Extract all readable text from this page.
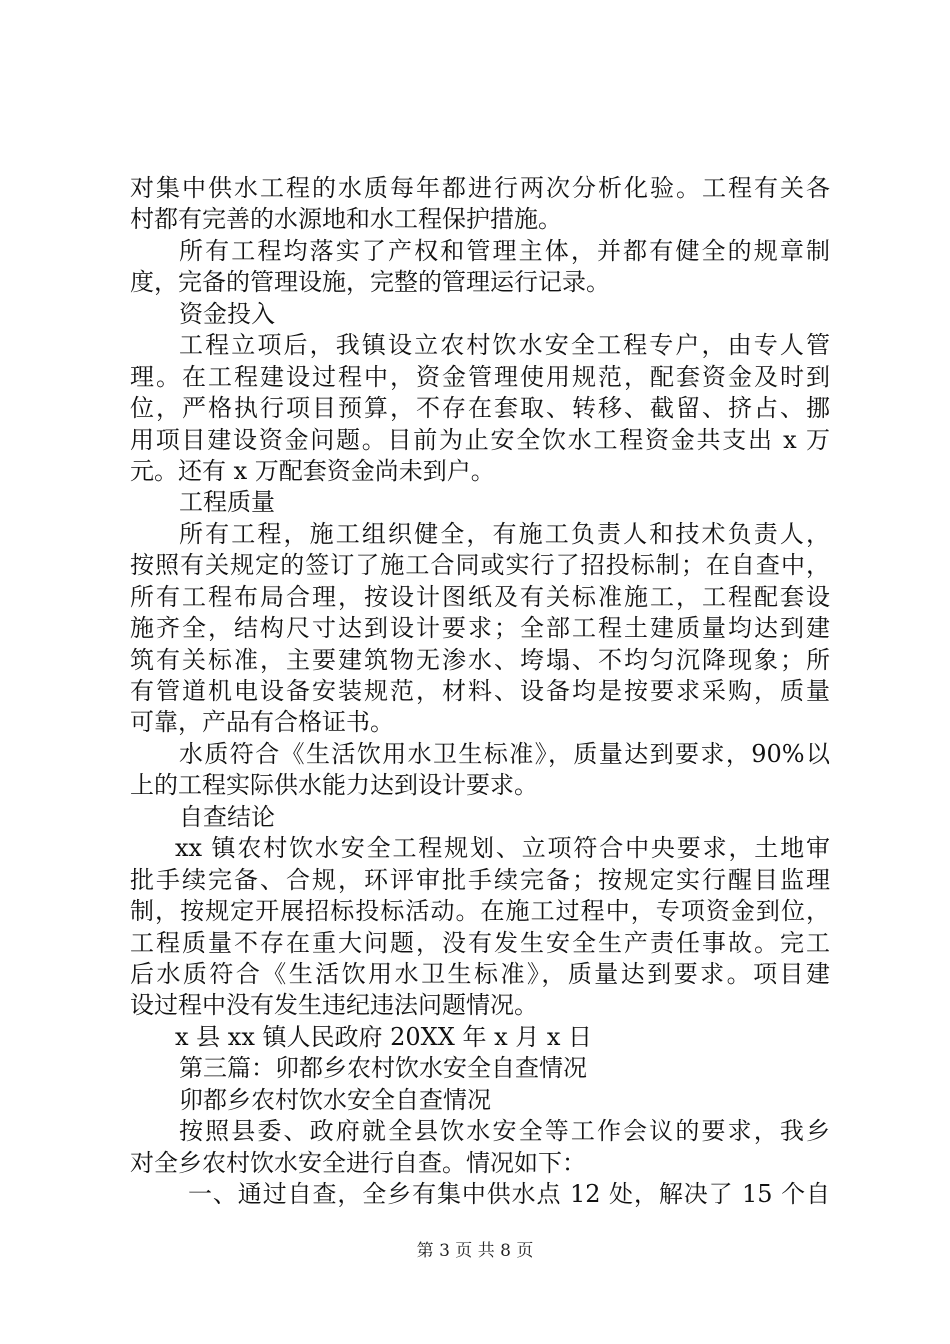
对集中供水工程的水质每年都进行两次分析化验。工程有关各
村都有完善的水源地和水工程保护措施。
所有工程均落实了产权和管理主体，并都有健全的规章制
度，完备的管理设施，完整的管理运行记录。
资金投入
工程立项后，我镇设立农村饮水安全工程专户，由专人管
理。在工程建设过程中，资金管理使用规范，配套资金及时到
位，严格执行项目预算，不存在套取、转移、截留、挤占、挪
用项目建设资金问题。目前为止安全饮水工程资金共支出 x 万
元。还有 x 万配套资金尚未到户。
工程质量
所有工程，施工组织健全，有施工负责人和技术负责人，
按照有关规定的签订了施工合同或实行了招投标制；在自查中，
所有工程布局合理，按设计图纸及有关标准施工，工程配套设
施齐全，结构尺寸达到设计要求；全部工程土建质量均达到建
筑有关标准，主要建筑物无渗水、垮塌、不均匀沉降现象；所
有管道机电设备安装规范，材料、设备均是按要求采购，质量
可靠，产品有合格证书。
水质符合《生活饮用水卫生标准》，质量达到要求，90%以
上的工程实际供水能力达到设计要求。
自查结论
xx 镇农村饮水安全工程规划、立项符合中央要求，土地审
批手续完备、合规，环评审批手续完备；按规定实行醒目监理
制，按规定开展招标投标活动。在施工过程中，专项资金到位，
工程质量不存在重大问题，没有发生安全生产责任事故。完工
后水质符合《生活饮用水卫生标准》，质量达到要求。项目建
设过程中没有发生违纪违法问题情况。
x 县 xx 镇人民政府 20XX 年 x 月 x 日
第三篇：卯都乡农村饮水安全自查情况
卯都乡农村饮水安全自查情况
按照县委、政府就全县饮水安全等工作会议的要求，我乡
对全乡农村饮水安全进行自查。情况如下：
一、通过自查，全乡有集中供水点 12 处，解决了 15 个自
第 3 页 共 8 页
